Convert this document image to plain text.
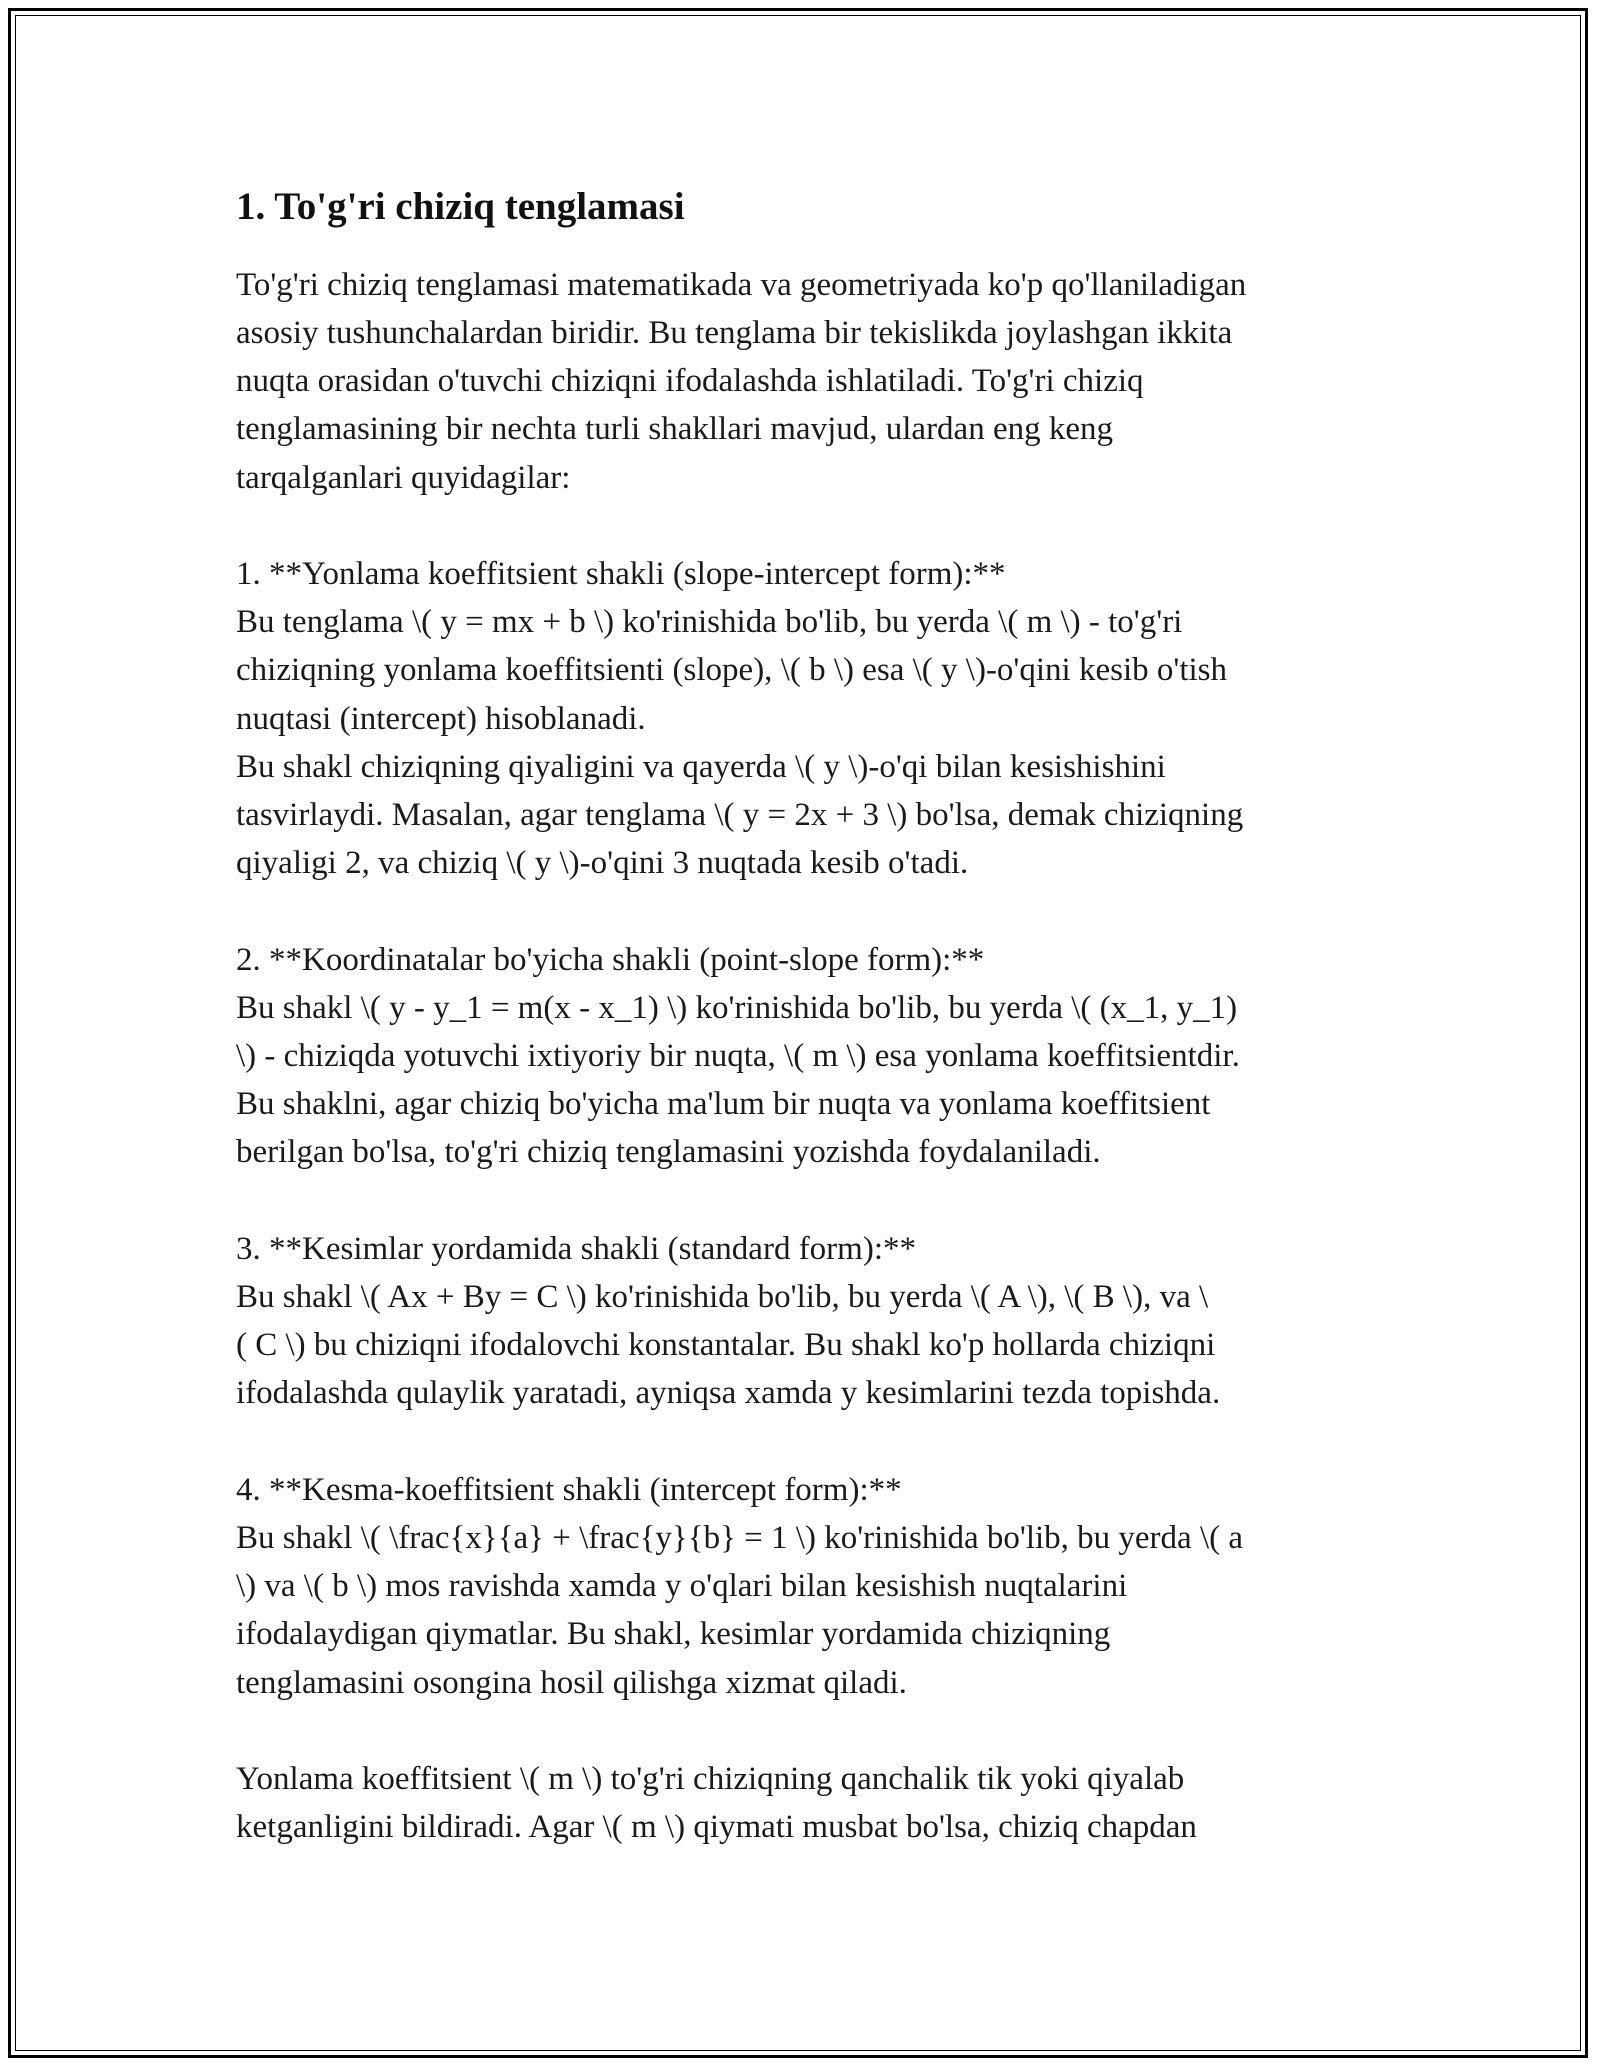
1. To'g'ri chiziq tenglamasi

To'g'ri chiziq tenglamasi matematikada va geometriyada ko'p qo'llaniladigan
asosiy tushunchalardan biridir. Bu tenglama bir tekislikda joylashgan ikkita
nuqta orasidan o'tuvchi chiziqni ifodalashda ishlatiladi. To'g'ri chiziq
tenglamasining bir nechta turli shakllari mavjud, ulardan eng keng
tarqalganlari quyidagilar:

1. **Yonlama koeffitsient shakli (slope-intercept form):**
Bu tenglama \( y = mx + b \) ko'rinishida bo'lib, bu yerda \( m \) - to'g'ri
chiziqning yonlama koeffitsienti (slope), \( b \) esa \( y \)-o'qini kesib o'tish
nuqtasi (intercept) hisoblanadi.
Bu shakl chiziqning qiyaligini va qayerda \( y \)-o'qi bilan kesishishini
tasvirlaydi. Masalan, agar tenglama \( y = 2x + 3 \) bo'lsa, demak chiziqning
qiyaligi 2, va chiziq \( y \)-o'qini 3 nuqtada kesib o'tadi.

2. **Koordinatalar bo'yicha shakli (point-slope form):**
Bu shakl \( y - y_1 = m(x - x_1) \) ko'rinishida bo'lib, bu yerda \( (x_1, y_1)
\) - chiziqda yotuvchi ixtiyoriy bir nuqta, \( m \) esa yonlama koeffitsientdir.
Bu shaklni, agar chiziq bo'yicha ma'lum bir nuqta va yonlama koeffitsient
berilgan bo'lsa, to'g'ri chiziq tenglamasini yozishda foydalaniladi.

3. **Kesimlar yordamida shakli (standard form):**
Bu shakl \( Ax + By = C \) ko'rinishida bo'lib, bu yerda \( A \), \( B \), va \
( C \) bu chiziqni ifodalovchi konstantalar. Bu shakl ko'p hollarda chiziqni
ifodalashda qulaylik yaratadi, ayniqsa xamda y kesimlarini tezda topishda.

4. **Kesma-koeffitsient shakli (intercept form):**
Bu shakl \( \frac{x}{a} + \frac{y}{b} = 1 \) ko'rinishida bo'lib, bu yerda \( a
\) va \( b \) mos ravishda xamda y o'qlari bilan kesishish nuqtalarini
ifodalaydigan qiymatlar. Bu shakl, kesimlar yordamida chiziqning
tenglamasini osongina hosil qilishga xizmat qiladi.

Yonlama koeffitsient \( m \) to'g'ri chiziqning qanchalik tik yoki qiyalab
ketganligini bildiradi. Agar \( m \) qiymati musbat bo'lsa, chiziq chapdan
